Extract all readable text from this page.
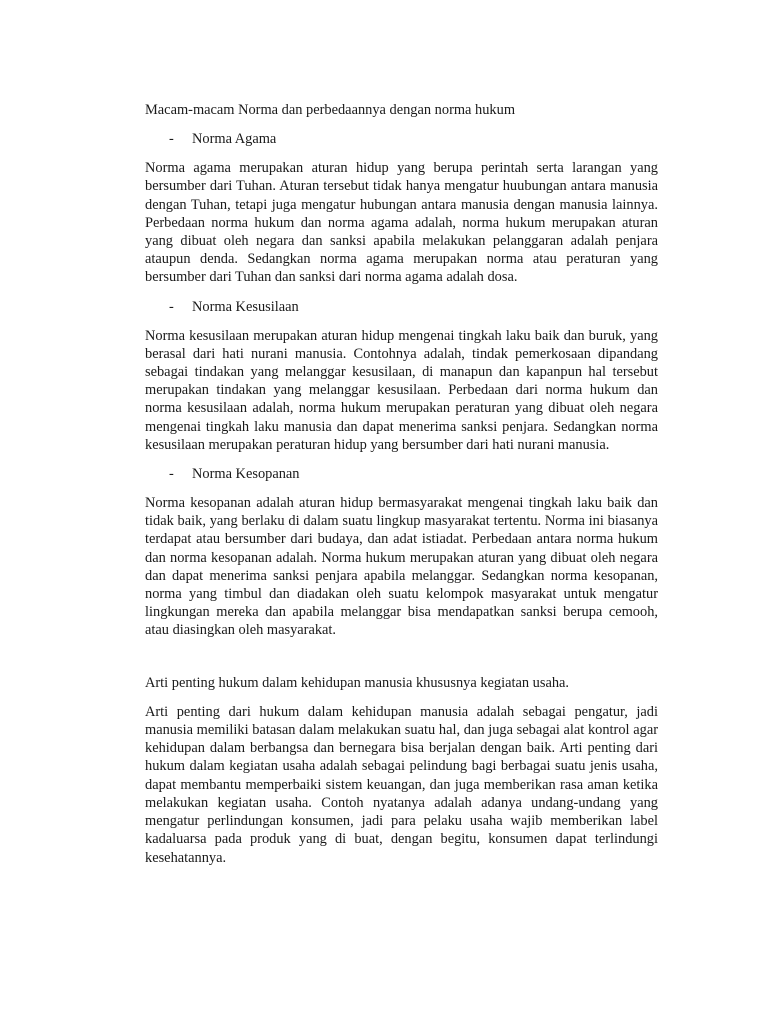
Macam-macam Norma dan perbedaannya dengan norma hukum

- Norma Agama

Norma agama merupakan aturan hidup yang berupa perintah serta larangan yang bersumber dari Tuhan. Aturan tersebut tidak hanya mengatur huubungan antara manusia dengan Tuhan, tetapi juga mengatur hubungan antara manusia dengan manusia lainnya. Perbedaan norma hukum dan norma agama adalah, norma hukum merupakan aturan yang dibuat oleh negara dan sanksi apabila melakukan pelanggaran adalah penjara ataupun denda. Sedangkan norma agama merupakan norma atau peraturan yang bersumber dari Tuhan dan sanksi dari norma agama adalah dosa.

- Norma Kesusilaan

Norma kesusilaan merupakan aturan hidup mengenai tingkah laku baik dan buruk, yang berasal dari hati nurani manusia. Contohnya adalah, tindak pemerkosaan dipandang sebagai tindakan yang melanggar kesusilaan, di manapun dan kapanpun hal tersebut merupakan tindakan yang melanggar kesusilaan. Perbedaan dari norma hukum dan norma kesusilaan adalah, norma hukum merupakan peraturan yang dibuat oleh negara mengenai tingkah laku manusia dan dapat menerima sanksi penjara. Sedangkan norma kesusilaan merupakan peraturan hidup yang bersumber dari hati nurani manusia.

- Norma Kesopanan

Norma kesopanan adalah aturan hidup bermasyarakat mengenai tingkah laku baik dan tidak baik, yang berlaku di dalam suatu lingkup masyarakat tertentu. Norma ini biasanya terdapat atau bersumber dari budaya, dan adat istiadat. Perbedaan antara norma hukum dan norma kesopanan adalah. Norma hukum merupakan aturan yang dibuat oleh negara dan dapat menerima sanksi penjara apabila melanggar. Sedangkan norma kesopanan, norma yang timbul dan diadakan oleh suatu kelompok masyarakat untuk mengatur lingkungan mereka dan apabila melanggar bisa mendapatkan sanksi berupa cemooh, atau diasingkan oleh masyarakat.

Arti penting hukum dalam kehidupan manusia khususnya kegiatan usaha.

Arti penting dari hukum dalam kehidupan manusia adalah sebagai pengatur, jadi manusia memiliki batasan dalam melakukan suatu hal, dan juga sebagai alat kontrol agar kehidupan dalam berbangsa dan bernegara bisa berjalan dengan baik. Arti penting dari hukum dalam kegiatan usaha adalah sebagai pelindung bagi berbagai suatu jenis usaha, dapat membantu memperbaiki sistem keuangan, dan juga memberikan rasa aman ketika melakukan kegiatan usaha. Contoh nyatanya adalah adanya undang-undang yang mengatur perlindungan konsumen, jadi para pelaku usaha wajib memberikan label kadaluarsa pada produk yang di buat, dengan begitu, konsumen dapat terlindungi kesehatannya.
